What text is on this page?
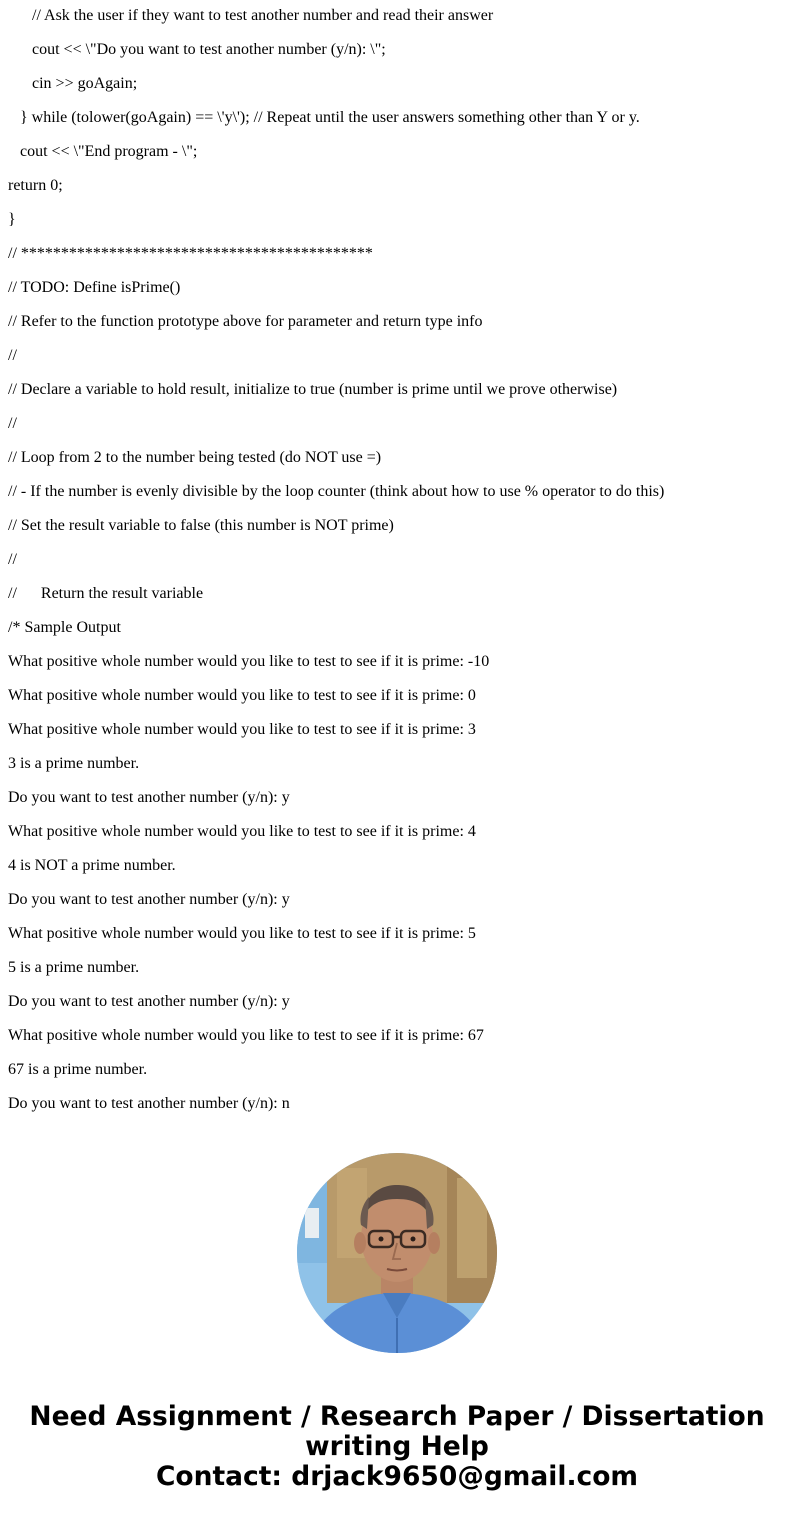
// Ask the user if they want to test another number and read their answer
cout << \"Do you want to test another number (y/n): \";
cin >> goAgain;
} while (tolower(goAgain) == \'y\'); // Repeat until the user answers something other than Y or y.
cout << \"End program - \";
return 0;
}
// ********************************************
// TODO: Define isPrime()
// Refer to the function prototype above for parameter and return type info
//
// Declare a variable to hold result, initialize to true (number is prime until we prove otherwise)
//
// Loop from 2 to the number being tested (do NOT use =)
// - If the number is evenly divisible by the loop counter (think about how to use % operator to do this)
// Set the result variable to false (this number is NOT prime)
//
//      Return the result variable
/* Sample Output
What positive whole number would you like to test to see if it is prime: -10
What positive whole number would you like to test to see if it is prime: 0
What positive whole number would you like to test to see if it is prime: 3
3 is a prime number.
Do you want to test another number (y/n): y
What positive whole number would you like to test to see if it is prime: 4
4 is NOT a prime number.
Do you want to test another number (y/n): y
What positive whole number would you like to test to see if it is prime: 5
5 is a prime number.
Do you want to test another number (y/n): y
What positive whole number would you like to test to see if it is prime: 67
67 is a prime number.
Do you want to test another number (y/n): n
Need Assignment / Research Paper / Dissertation
writing Help
Contact: drjack9650@gmail.com
